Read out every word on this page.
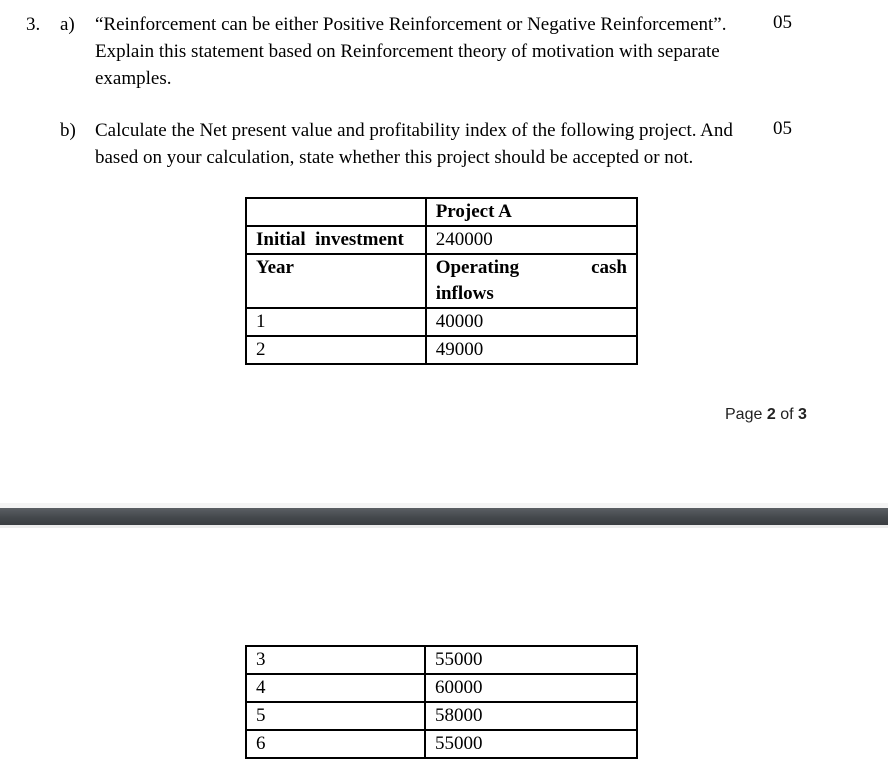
3. a) “Reinforcement can be either Positive Reinforcement or Negative Reinforcement”.
Explain this statement based on Reinforcement theory of motivation with separate
examples.
05
b) Calculate the Net present value and profitability index of the following project. And
based on your calculation, state whether this project should be accepted or not.
05
	Project A
Initial  investment	240000
Year	Operating cash
inflows

1	40000
2	49000
Page 2 of 3
3	55000
4	60000
5	58000
6	55000
